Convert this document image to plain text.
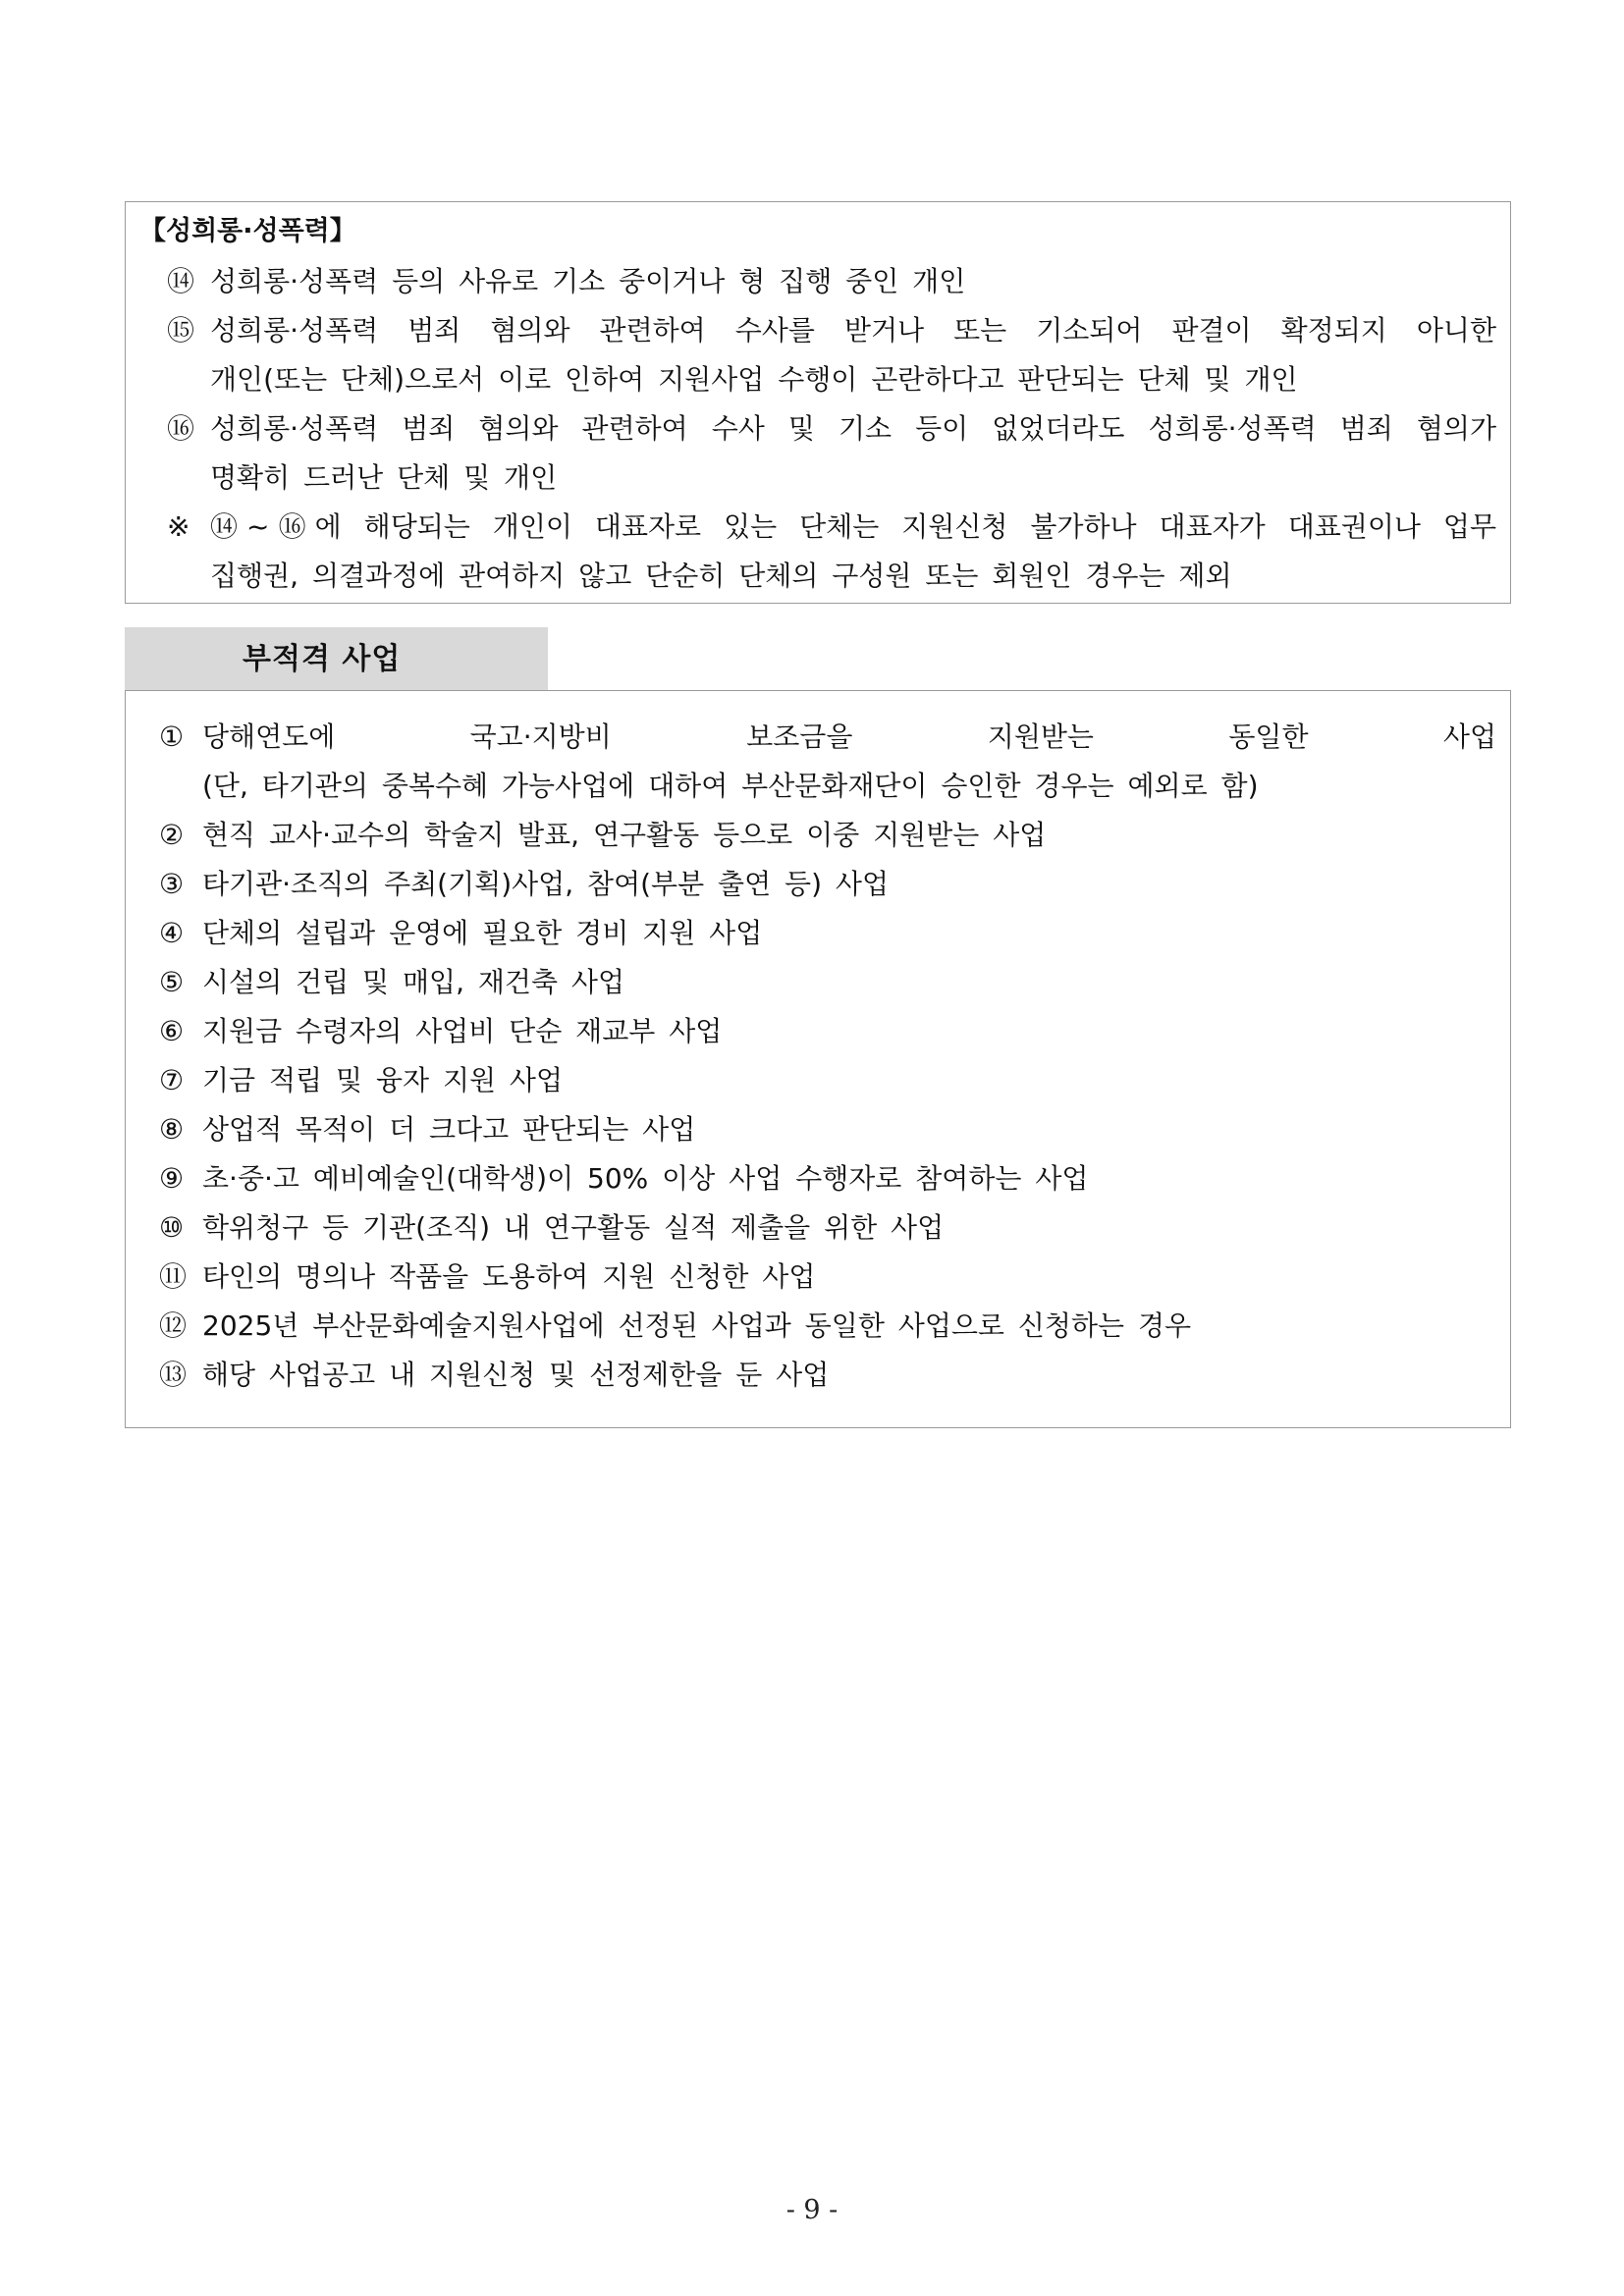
【성희롱·성폭력】
⑭ 성희롱·성폭력 등의 사유로 기소 중이거나 형 집행 중인 개인
⑮ 성희롱·성폭력 범죄 혐의와 관련하여 수사를 받거나 또는 기소되어 판결이 확정되지 아니한
개인(또는 단체)으로서 이로 인하여 지원사업 수행이 곤란하다고 판단되는 단체 및 개인
⑯ 성희롱·성폭력 범죄 혐의와 관련하여 수사 및 기소 등이 없었더라도 성희롱·성폭력 범죄 혐의가
명확히 드러난 단체 및 개인
※ ⑭~⑯에 해당되는 개인이 대표자로 있는 단체는 지원신청 불가하나 대표자가 대표권이나 업무
집행권, 의결과정에 관여하지 않고 단순히 단체의 구성원 또는 회원인 경우는 제외
부적격 사업
① 당해연도에 국고·지방비 보조금을 지원받는 동일한 사업
(단, 타기관의 중복수혜 가능사업에 대하여 부산문화재단이 승인한 경우는 예외로 함)
② 현직 교사·교수의 학술지 발표, 연구활동 등으로 이중 지원받는 사업
③ 타기관·조직의 주최(기획)사업, 참여(부분 출연 등) 사업
④ 단체의 설립과 운영에 필요한 경비 지원 사업
⑤ 시설의 건립 및 매입, 재건축 사업
⑥ 지원금 수령자의 사업비 단순 재교부 사업
⑦ 기금 적립 및 융자 지원 사업
⑧ 상업적 목적이 더 크다고 판단되는 사업
⑨ 초·중·고 예비예술인(대학생)이 50% 이상 사업 수행자로 참여하는 사업
⑩ 학위청구 등 기관(조직) 내 연구활동 실적 제출을 위한 사업
⑪ 타인의 명의나 작품을 도용하여 지원 신청한 사업
⑫ 2025년 부산문화예술지원사업에 선정된 사업과 동일한 사업으로 신청하는 경우
⑬ 해당 사업공고 내 지원신청 및 선정제한을 둔 사업
- 9 -
